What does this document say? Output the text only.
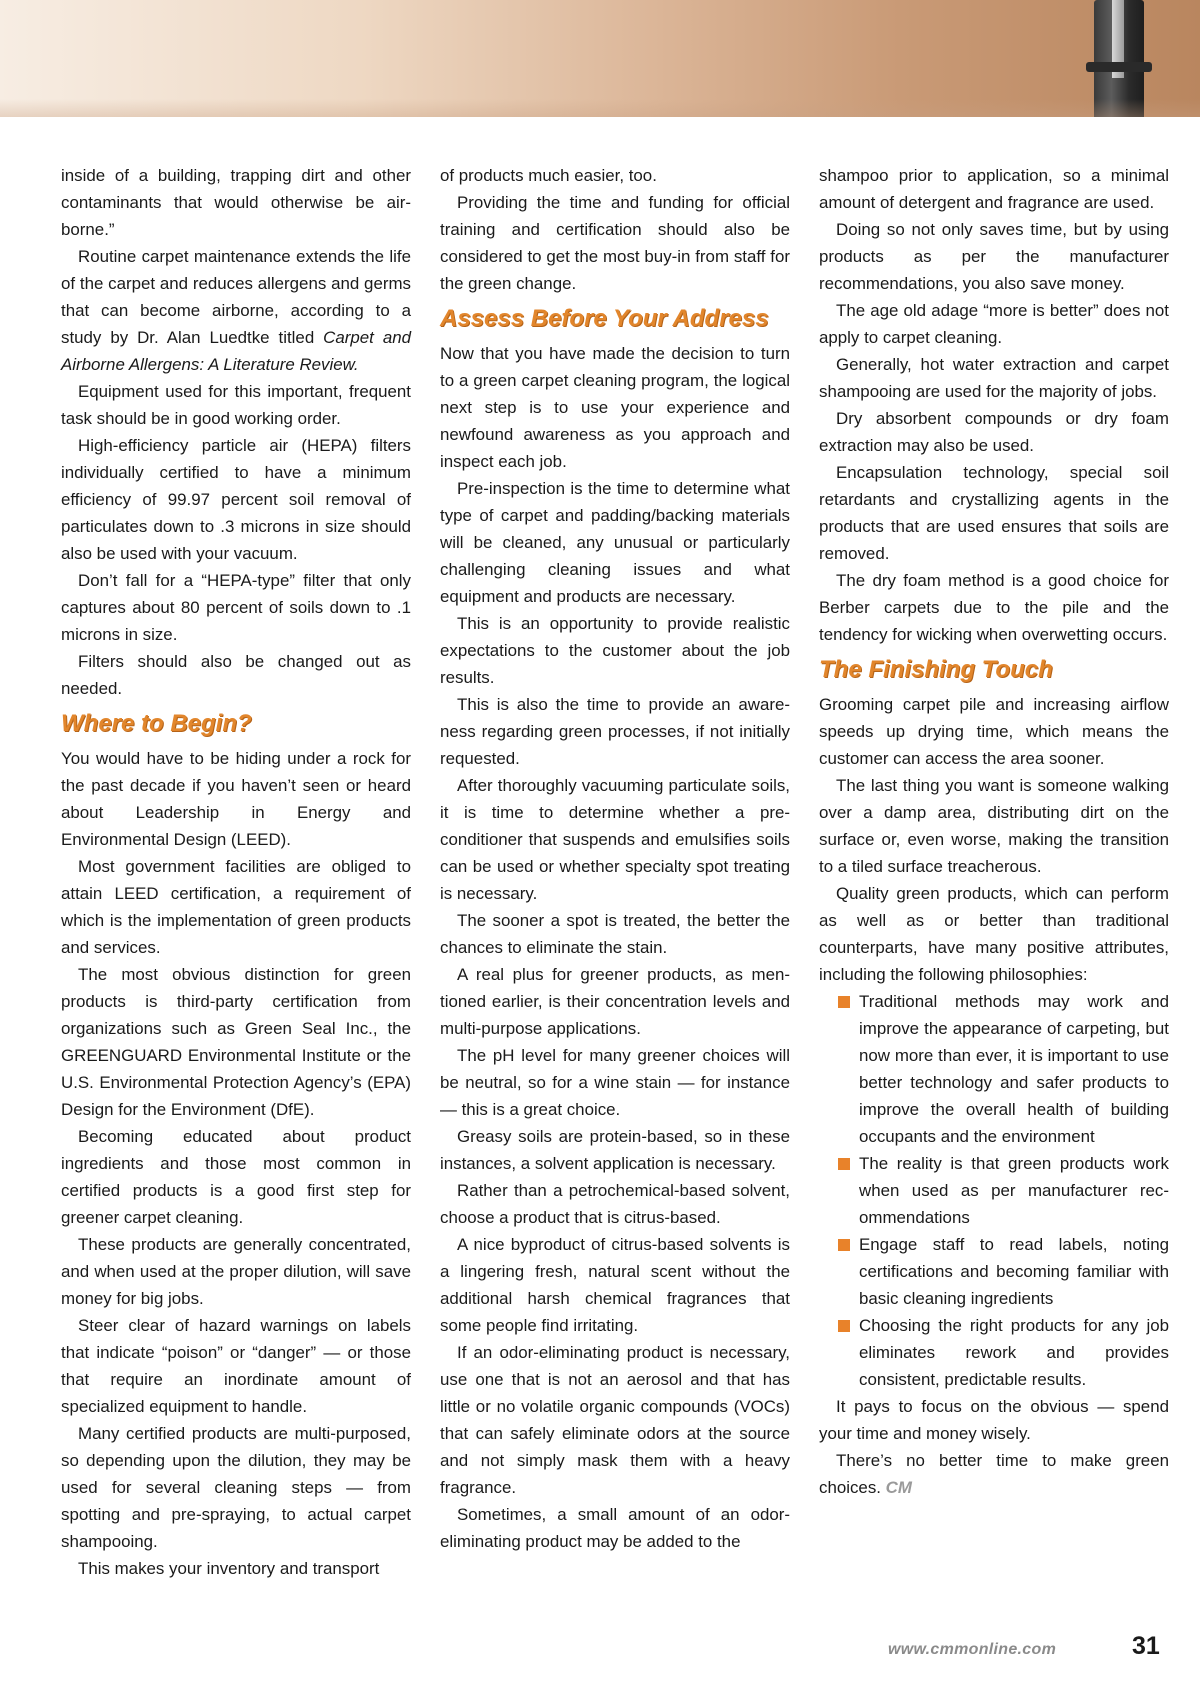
inside of a building, trapping dirt and other contaminants that would otherwise be airborne.”

Routine carpet maintenance extends the life of the carpet and reduces allergens and germs that can become airborne, according to a study by Dr. Alan Luedtke titled Carpet and Airborne Allergens: A Literature Review.

Equipment used for this important, frequent task should be in good working order.

High-efficiency particle air (HEPA) filters individually certified to have a minimum efficiency of 99.97 percent soil removal of particulates down to .3 microns in size should also be used with your vacuum.

Don’t fall for a “HEPA-type” filter that only captures about 80 percent of soils down to .1 microns in size.

Filters should also be changed out as needed.

Where to Begin?

You would have to be hiding under a rock for the past decade if you haven’t seen or heard about Leadership in Energy and Environmental Design (LEED).

Most government facilities are obliged to attain LEED certification, a requirement of which is the implementation of green products and services.

The most obvious distinction for green products is third-party certification from organizations such as Green Seal Inc., the GREENGUARD Environmental Institute or the U.S. Environmental Protection Agency’s (EPA) Design for the Environment (DfE).

Becoming educated about product ingredients and those most common in certified products is a good first step for greener carpet cleaning.

These products are generally concentrated, and when used at the proper dilution, will save money for big jobs.

Steer clear of hazard warnings on labels that indicate “poison” or “danger” — or those that require an inordinate amount of specialized equipment to handle.

Many certified products are multi-purposed, so depending upon the dilution, they may be used for several cleaning steps — from spotting and pre-spraying, to actual carpet shampooing.

This makes your inventory and transport

of products much easier, too.

Providing the time and funding for official training and certification should also be considered to get the most buy-in from staff for the green change.

Assess Before Your Address

Now that you have made the decision to turn to a green carpet cleaning program, the logical next step is to use your experience and newfound awareness as you approach and inspect each job.

Pre-inspection is the time to determine what type of carpet and padding/backing materials will be cleaned, any unusual or particularly challenging cleaning issues and what equipment and products are necessary.

This is an opportunity to provide realistic expectations to the customer about the job results.

This is also the time to provide an awareness regarding green processes, if not initially requested.

After thoroughly vacuuming particulate soils, it is time to determine whether a pre-conditioner that suspends and emulsifies soils can be used or whether specialty spot treating is necessary.

The sooner a spot is treated, the better the chances to eliminate the stain.

A real plus for greener products, as mentioned earlier, is their concentration levels and multi-purpose applications.

The pH level for many greener choices will be neutral, so for a wine stain — for instance — this is a great choice.

Greasy soils are protein-based, so in these instances, a solvent application is necessary.

Rather than a petrochemical-based solvent, choose a product that is citrus-based.

A nice byproduct of citrus-based solvents is a lingering fresh, natural scent without the additional harsh chemical fragrances that some people find irritating.

If an odor-eliminating product is necessary, use one that is not an aerosol and that has little or no volatile organic compounds (VOCs) that can safely eliminate odors at the source and not simply mask them with a heavy fragrance.

Sometimes, a small amount of an odor-eliminating product may be added to the

shampoo prior to application, so a minimal amount of detergent and fragrance are used.

Doing so not only saves time, but by using products as per the manufacturer recommendations, you also save money.

The age old adage “more is better” does not apply to carpet cleaning.

Generally, hot water extraction and carpet shampooing are used for the majority of jobs.

Dry absorbent compounds or dry foam extraction may also be used.

Encapsulation technology, special soil retardants and crystallizing agents in the products that are used ensures that soils are removed.

The dry foam method is a good choice for Berber carpets due to the pile and the tendency for wicking when overwetting occurs.

The Finishing Touch

Grooming carpet pile and increasing airflow speeds up drying time, which means the customer can access the area sooner.

The last thing you want is someone walking over a damp area, distributing dirt on the surface or, even worse, making the transition to a tiled surface treacherous.

Quality green products, which can perform as well as or better than traditional counterparts, have many positive attributes, including the following philosophies:

Traditional methods may work and improve the appearance of carpeting, but now more than ever, it is important to use better technology and safer products to improve the overall health of building occupants and the environment
The reality is that green products work when used as per manufacturer recommendations
Engage staff to read labels, noting certifications and becoming familiar with basic cleaning ingredients
Choosing the right products for any job eliminates rework and provides consistent, predictable results.

It pays to focus on the obvious — spend your time and money wisely.

There’s no better time to make green choices. CM

www.cmmonline.com	31
